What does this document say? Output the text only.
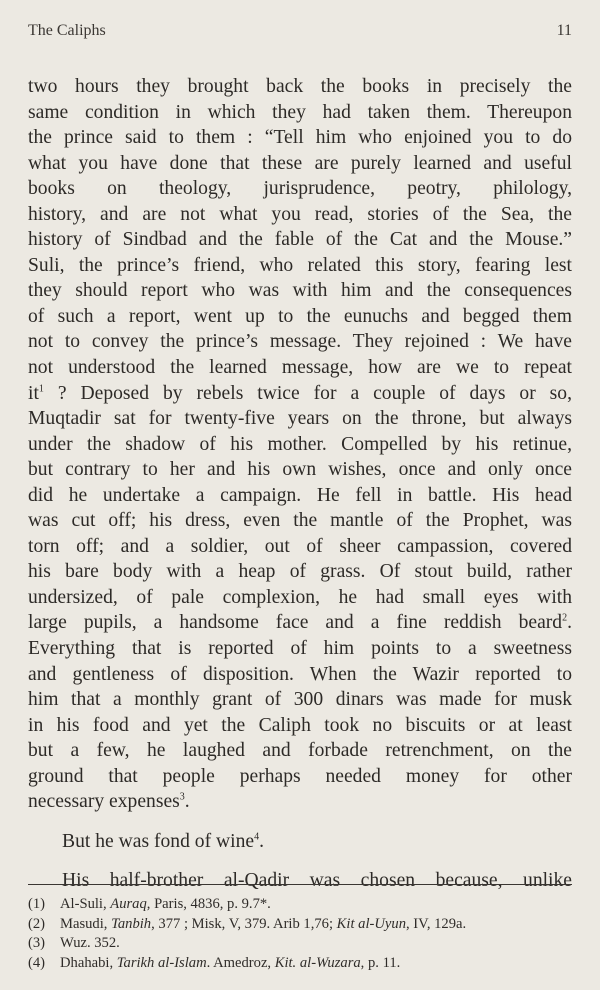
The Caliphs	11

two hours they brought back the books in precisely the
same condition in which they had taken them. Thereupon
the prince said to them : “Tell him who enjoined you to do
what you have done that these are purely learned and useful
books on theology, jurisprudence, peotry, philology,
history, and are not what you read, stories of the Sea, the
history of Sindbad and the fable of the Cat and the Mouse.”
Suli, the prince’s friend, who related this story, fearing lest
they should report who was with him and the consequences
of such a report, went up to the eunuchs and begged them
not to convey the prince’s message. They rejoined : We have
not understood the learned message, how are we to repeat
$it^1$ ? Deposed by rebels twice for a couple of days or so,
Muqtadir sat for twenty-five years on the throne, but always
under the shadow of his mother. Compelled by his retinue,
but contrary to her and his own wishes, once and only once
did he undertake a campaign. He fell in battle. His head
was cut off; his dress, even the mantle of the Prophet, was
torn off; and a soldier, out of sheer campassion, covered
his bare body with a heap of grass. Of stout build, rather
undersized, of pale complexion, he had small eyes with
large pupils, a handsome face and a fine reddish beard$^2$.
Everything that is reported of him points to a sweetness
and gentleness of disposition. When the Wazir reported to
him that a monthly grant of 300 dinars was made for musk
in his food and yet the Caliph took no biscuits or at least
but a few, he laughed and forbade retrenchment, on the
ground that people perhaps needed money for other
necessary expenses$^3$.

But he was fond of wine$^4$.

His half-brother al-Qadir was chosen because, unlike

(1)	Al-Suli, Auraq, Paris, 4836, p. 9.7*.
(2)	Masudi, Tanbih, 377 ; Misk, V, 379. Arib 1,76; Kit al-Uyun, IV, 129a.
(3)	Wuz. 352.
(4)	Dhahabi, Tarikh al-Islam. Amedroz, Kit. al-Wuzara, p. 11.
